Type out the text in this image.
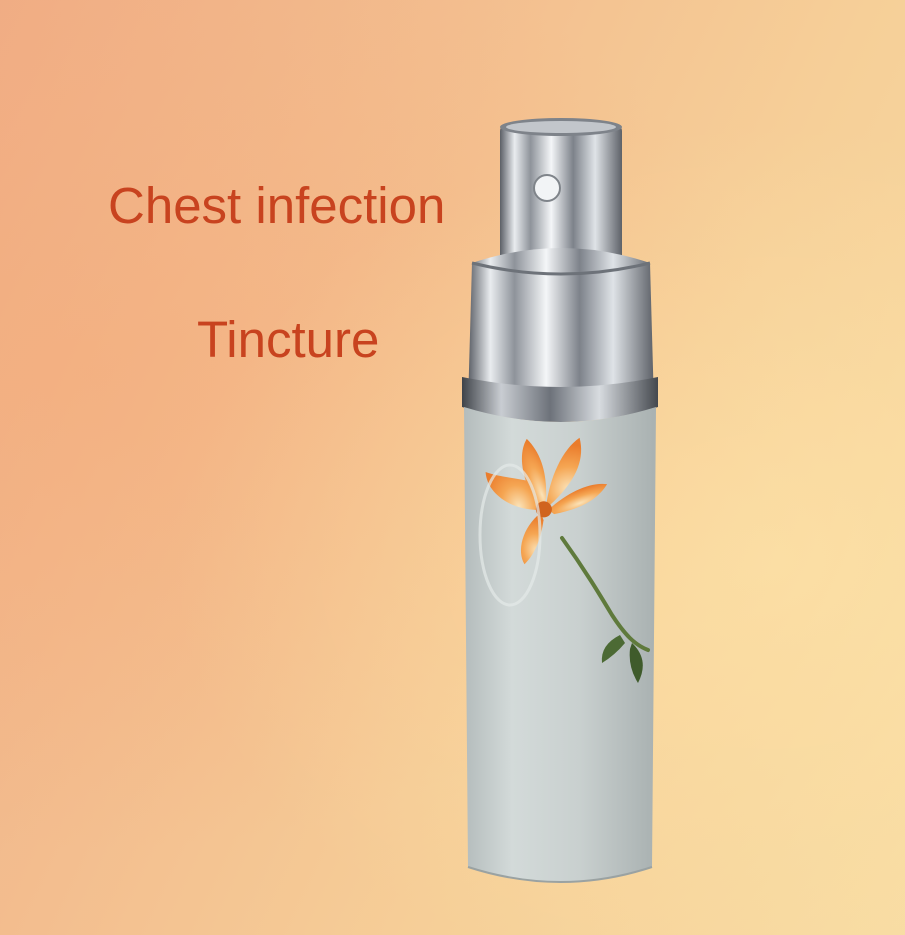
Chest infection
Tincture
